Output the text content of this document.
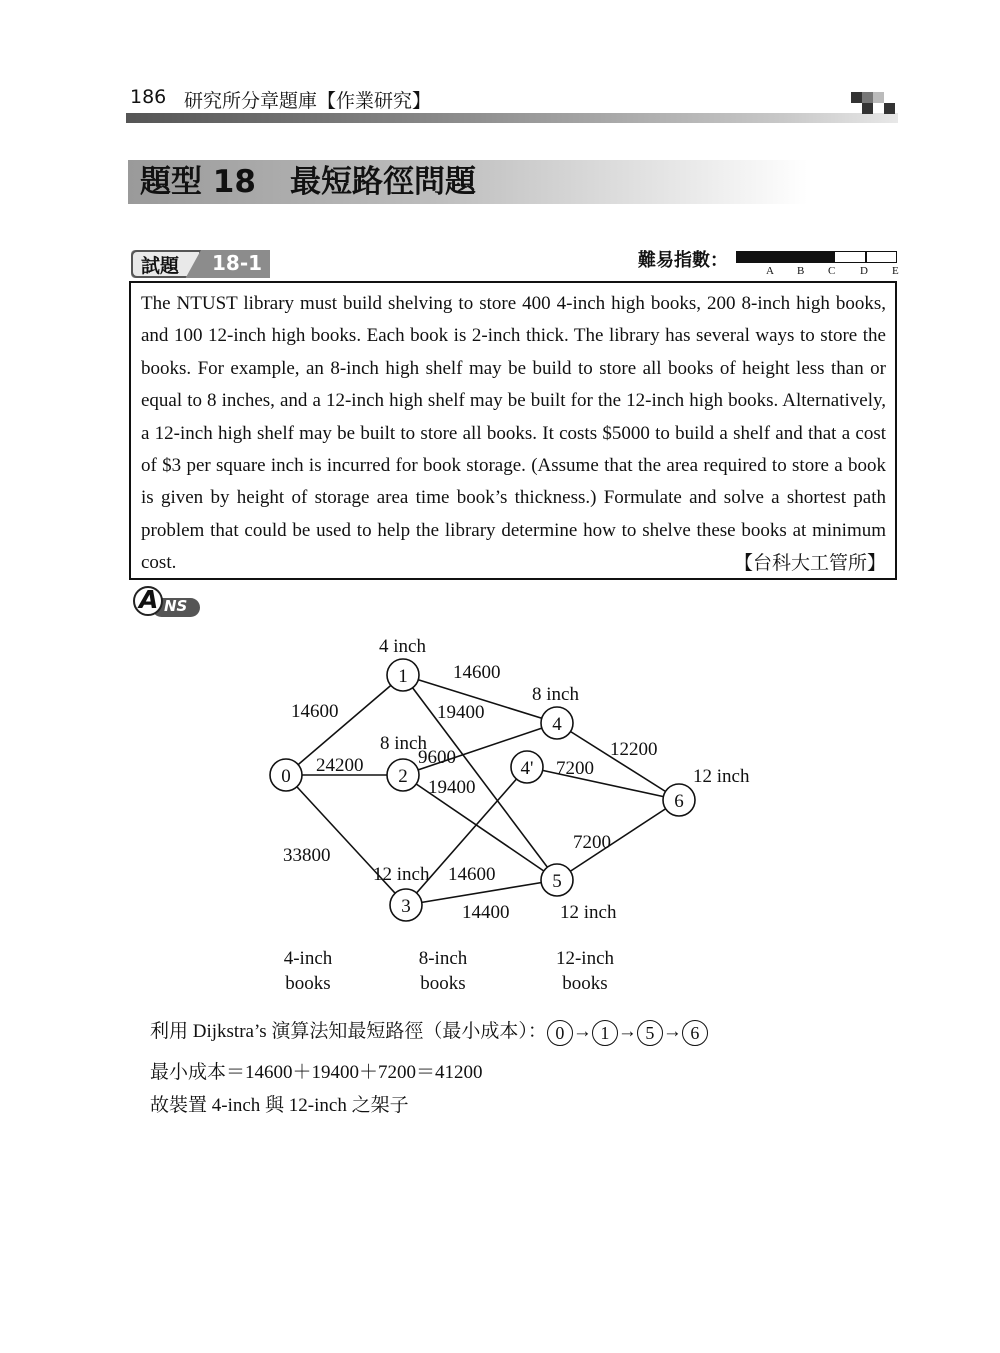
186 研究所分章題庫【作業研究】
題型 18 最短路徑問題
試題 18-1	難易指數：	A B C D E
The NTUST library must build shelving to store 400 4-inch high books, 200 8-inch high books, and 100 12-inch high books. Each book is 2-inch thick. The library has several ways to store the books. For example, an 8-inch high shelf may be build to store all books of height less than or equal to 8 inches, and a 12-inch high shelf may be built for the 12-inch high books. Alternatively, a 12-inch high shelf may be built to store all books. It costs $5000 to build a shelf and that a cost of $3 per square inch is incurred for book storage. (Assume that the area required to store a book is given by height of storage area time book’s thickness.) Formulate and solve a shortest path problem that could be used to help the library determine how to shelve these books at minimum cost.	【台科大工管所】
NS
A
0
1
2
3
4
4'
5
6
4 inch
8 inch
12 inch
8 inch
12 inch
12 inch
14600
24200
33800
14600
19400
9600
19400
14600
14400
7200
12200
7200
4-inch
books
8-inch
books
12-inch
books
利用 Dijkstra’s 演算法知最短路徑（最小成本）： 0 → 1 → 5 → 6
最小成本＝14600＋19400＋7200＝41200
故裝置 4-inch 與 12-inch 之架子
